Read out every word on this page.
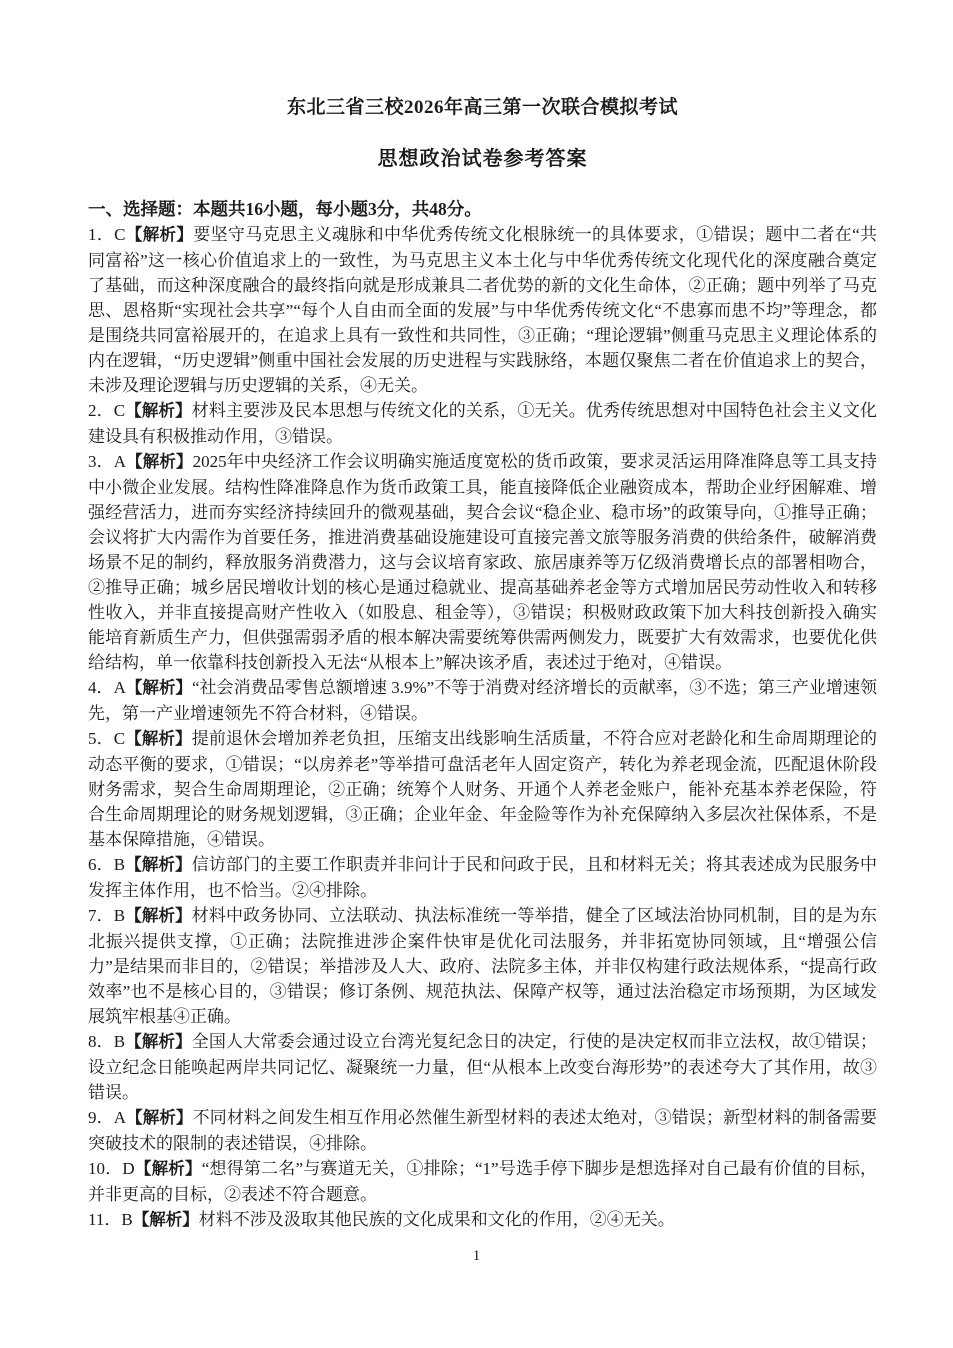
东北三省三校2026年高三第一次联合模拟考试
思想政治试卷参考答案

一、选择题：本题共16小题，每小题3分，共48分。

1．C【解析】要坚守马克思主义魂脉和中华优秀传统文化根脉统一的具体要求，①错误；题中二者在“共同富裕”这一核心价值追求上的一致性，为马克思主义本土化与中华优秀传统文化现代化的深度融合奠定了基础，而这种深度融合的最终指向就是形成兼具二者优势的新的文化生命体，②正确；题中列举了马克思、恩格斯“实现社会共享”“每个人自由而全面的发展”与中华优秀传统文化“不患寡而患不均”等理念，都是围绕共同富裕展开的，在追求上具有一致性和共同性，③正确；“理论逻辑”侧重马克思主义理论体系的内在逻辑，“历史逻辑”侧重中国社会发展的历史进程与实践脉络，本题仅聚焦二者在价值追求上的契合，未涉及理论逻辑与历史逻辑的关系，④无关。

2．C【解析】材料主要涉及民本思想与传统文化的关系，①无关。优秀传统思想对中国特色社会主义文化建设具有积极推动作用，③错误。

3．A【解析】2025年中央经济工作会议明确实施适度宽松的货币政策，要求灵活运用降准降息等工具支持中小微企业发展。结构性降准降息作为货币政策工具，能直接降低企业融资成本，帮助企业纾困解难、增强经营活力，进而夯实经济持续回升的微观基础，契合会议“稳企业、稳市场”的政策导向，①推导正确；会议将扩大内需作为首要任务，推进消费基础设施建设可直接完善文旅等服务消费的供给条件，破解消费场景不足的制约，释放服务消费潜力，这与会议培育家政、旅居康养等万亿级消费增长点的部署相吻合，②推导正确；城乡居民增收计划的核心是通过稳就业、提高基础养老金等方式增加居民劳动性收入和转移性收入，并非直接提高财产性收入（如股息、租金等），③错误；积极财政政策下加大科技创新投入确实能培育新质生产力，但供强需弱矛盾的根本解决需要统筹供需两侧发力，既要扩大有效需求，也要优化供给结构，单一依靠科技创新投入无法“从根本上”解决该矛盾，表述过于绝对，④错误。

4．A【解析】“社会消费品零售总额增速 3.9%”不等于消费对经济增长的贡献率，③不选；第三产业增速领先，第一产业增速领先不符合材料，④错误。

5．C【解析】提前退休会增加养老负担，压缩支出线影响生活质量，不符合应对老龄化和生命周期理论的动态平衡的要求，①错误；“以房养老”等举措可盘活老年人固定资产，转化为养老现金流，匹配退休阶段财务需求，契合生命周期理论，②正确；统筹个人财务、开通个人养老金账户，能补充基本养老保险，符合生命周期理论的财务规划逻辑，③正确；企业年金、年金险等作为补充保障纳入多层次社保体系，不是基本保障措施，④错误。

6．B【解析】信访部门的主要工作职责并非问计于民和问政于民，且和材料无关；将其表述成为民服务中发挥主体作用，也不恰当。②④排除。

7．B【解析】材料中政务协同、立法联动、执法标准统一等举措，健全了区域法治协同机制，目的是为东北振兴提供支撑，①正确；法院推进涉企案件快审是优化司法服务，并非拓宽协同领域，且“增强公信力”是结果而非目的，②错误；举措涉及人大、政府、法院多主体，并非仅构建行政法规体系，“提高行政效率”也不是核心目的，③错误；修订条例、规范执法、保障产权等，通过法治稳定市场预期，为区域发展筑牢根基④正确。

8．B【解析】全国人大常委会通过设立台湾光复纪念日的决定，行使的是决定权而非立法权，故①错误；设立纪念日能唤起两岸共同记忆、凝聚统一力量，但“从根本上改变台海形势”的表述夸大了其作用，故③错误。

9．A【解析】不同材料之间发生相互作用必然催生新型材料的表述太绝对，③错误；新型材料的制备需要突破技术的限制的表述错误，④排除。

10．D【解析】“想得第二名”与赛道无关，①排除；“1”号选手停下脚步是想选择对自己最有价值的目标，并非更高的目标，②表述不符合题意。

11．B【解析】材料不涉及汲取其他民族的文化成果和文化的作用，②④无关。

1
